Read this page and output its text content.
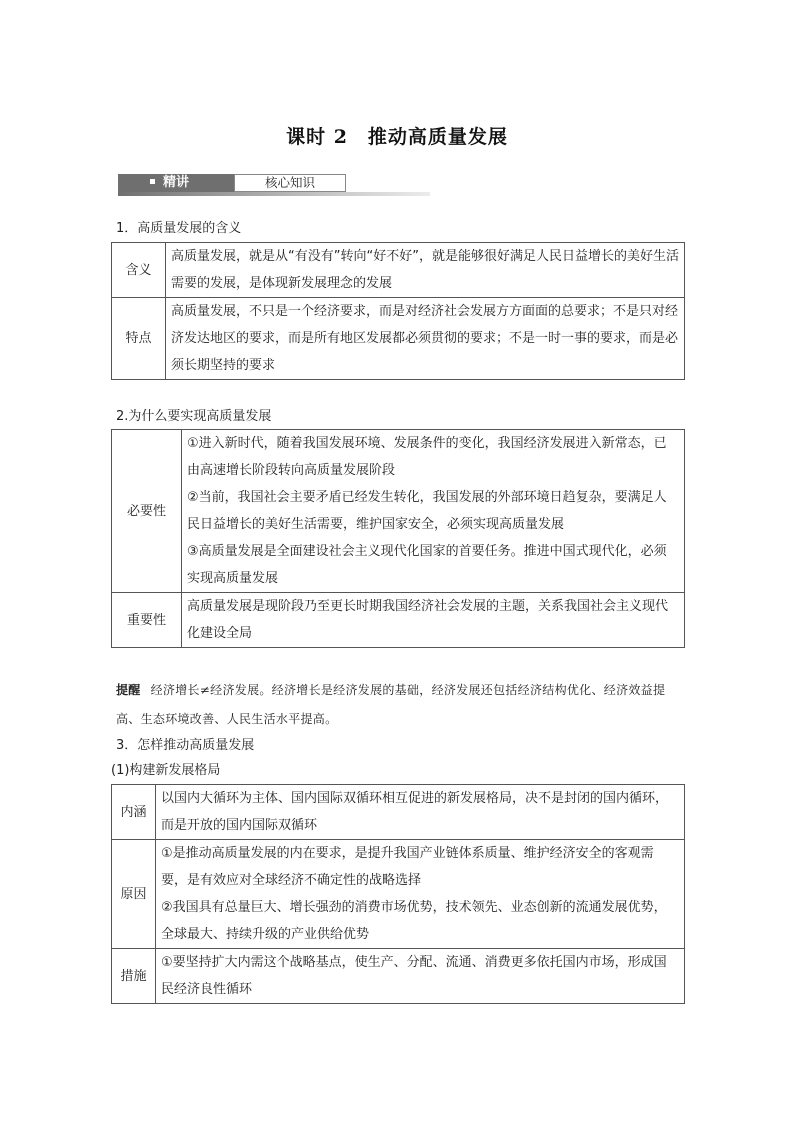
课时 2　推动高质量发展
精讲	核心知识
1．高质量发展的含义
含义	高质量发展，就是从“有没有”转向“好不好”，就是能够很好满足人民日益增长的美好生活需要的发展，是体现新发展理念的发展
特点	高质量发展，不只是一个经济要求，而是对经济社会发展方方面面的总要求；不是只对经济发达地区的要求，而是所有地区发展都必须贯彻的要求；不是一时一事的要求，而是必须长期坚持的要求
2.为什么要实现高质量发展
必要性	①进入新时代，随着我国发展环境、发展条件的变化，我国经济发展进入新常态，已由高速增长阶段转向高质量发展阶段
②当前，我国社会主要矛盾已经发生转化，我国发展的外部环境日趋复杂，要满足人民日益增长的美好生活需要，维护国家安全，必须实现高质量发展
③高质量发展是全面建设社会主义现代化国家的首要任务。推进中国式现代化，必须实现高质量发展

重要性	高质量发展是现阶段乃至更长时期我国经济社会发展的主题，关系我国社会主义现代化建设全局
提醒 经济增长≠经济发展。经济增长是经济发展的基础，经济发展还包括经济结构优化、经济效益提高、生态环境改善、人民生活水平提高。
3．怎样推动高质量发展
(1)构建新发展格局
内涵	以国内大循环为主体、国内国际双循环相互促进的新发展格局，决不是封闭的国内循环，而是开放的国内国际双循环

原因	①是推动高质量发展的内在要求，是提升我国产业链体系质量、维护经济安全的客观需要，是有效应对全球经济不确定性的战略选择
②我国具有总量巨大、增长强劲的消费市场优势，技术领先、业态创新的流通发展优势，全球最大、持续升级的产业供给优势

措施	①要坚持扩大内需这个战略基点，使生产、分配、流通、消费更多依托国内市场，形成国民经济良性循环
